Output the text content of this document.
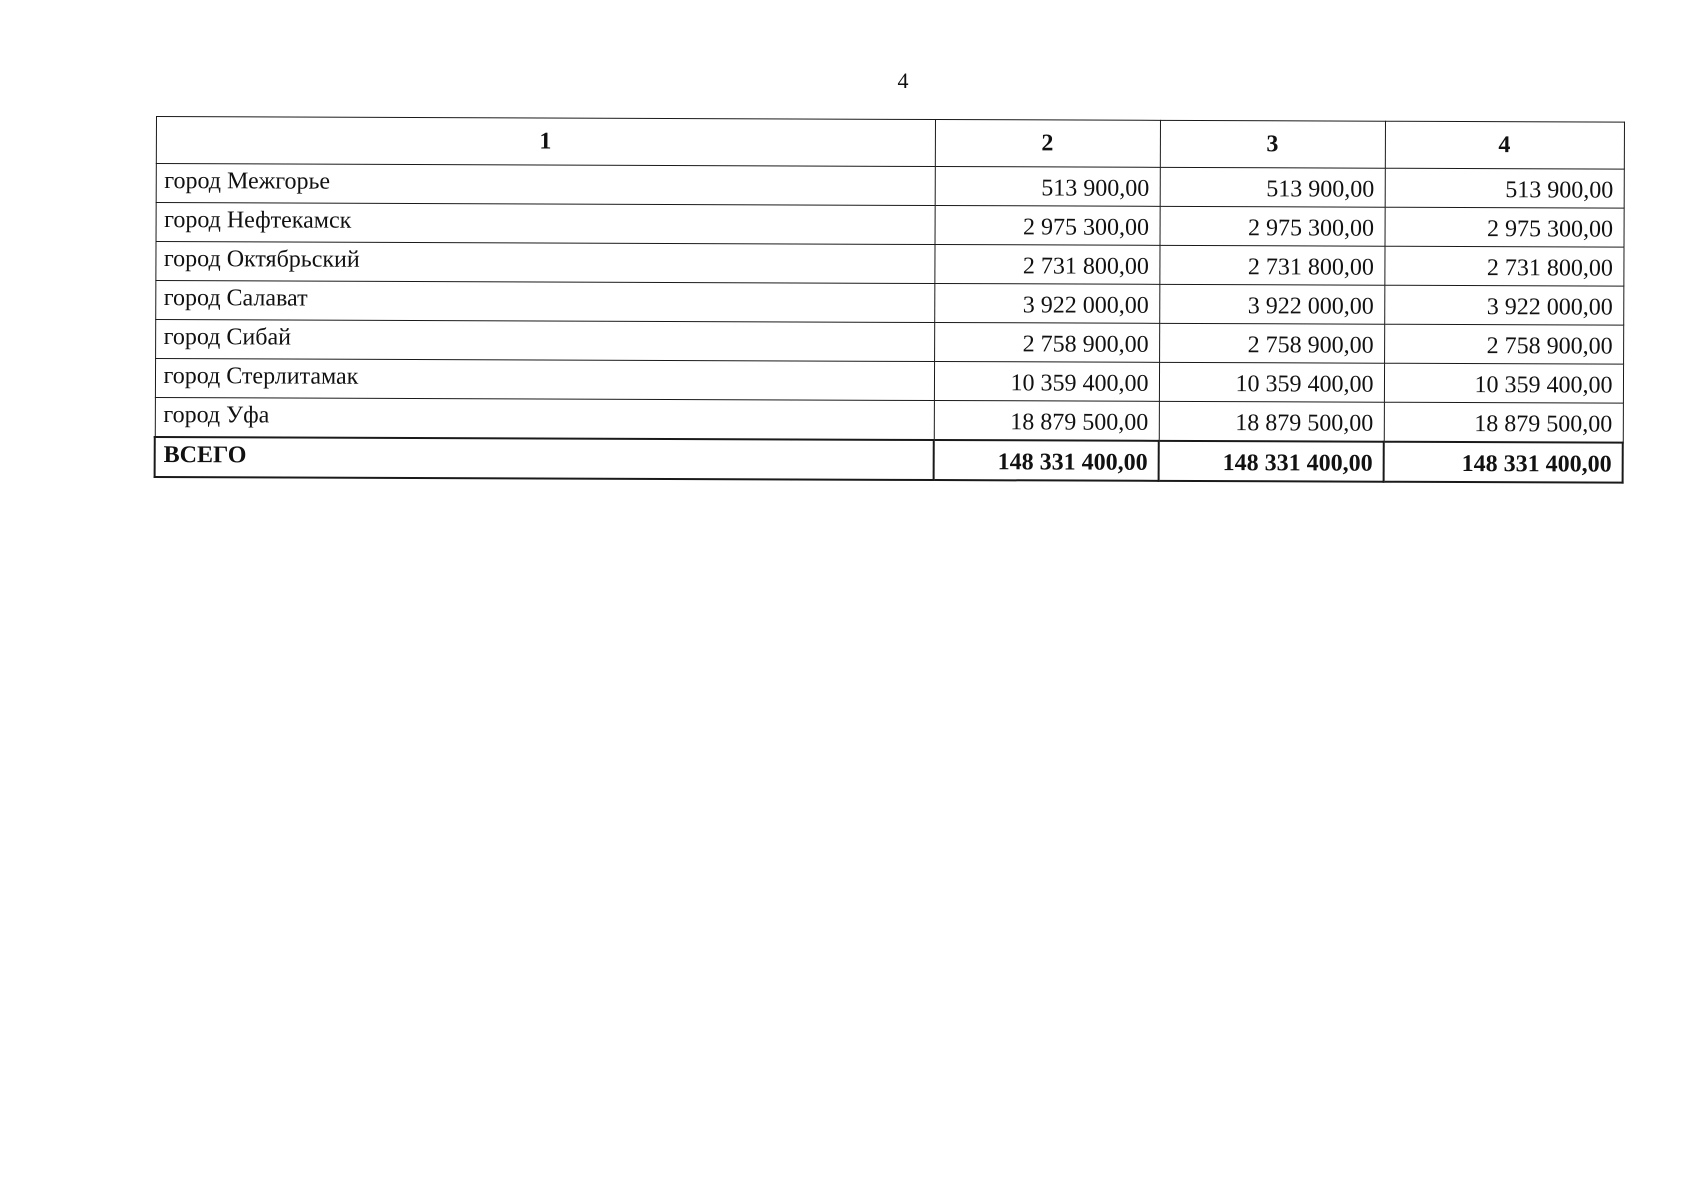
4
1	2	3	4
город Межгорье	513 900,00	513 900,00	513 900,00
город Нефтекамск	2 975 300,00	2 975 300,00	2 975 300,00
город Октябрьский	2 731 800,00	2 731 800,00	2 731 800,00
город Салават	3 922 000,00	3 922 000,00	3 922 000,00
город Сибай	2 758 900,00	2 758 900,00	2 758 900,00
город Стерлитамак	10 359 400,00	10 359 400,00	10 359 400,00
город Уфа	18 879 500,00	18 879 500,00	18 879 500,00
ВСЕГО	148 331 400,00	148 331 400,00	148 331 400,00
